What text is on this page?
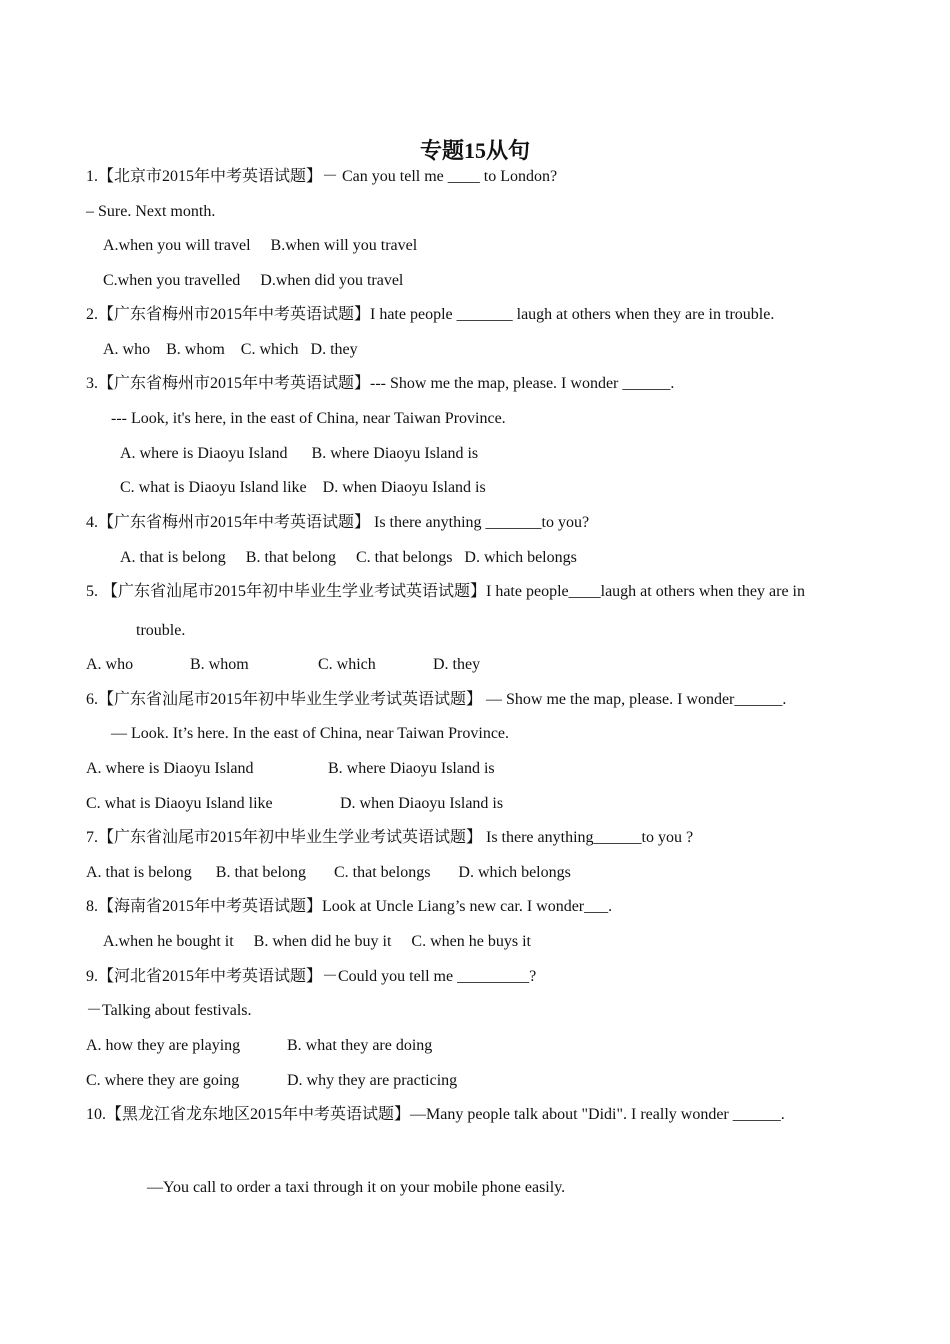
专题15从句
1.【北京市2015年中考英语试题】－ Can you tell me ____ to London?
– Sure. Next month.
A.when you will travel     B.when will you travel
C.when you travelled     D.when did you travel
2.【广东省梅州市2015年中考英语试题】I hate people _______ laugh at others when they are in trouble.
A. who    B. whom    C. which   D. they
3.【广东省梅州市2015年中考英语试题】--- Show me the map, please. I wonder ______.
--- Look, it's here, in the east of China, near Taiwan Province.
A. where is Diaoyu Island      B. where Diaoyu Island is
C. what is Diaoyu Island like    D. when Diaoyu Island is
4.【广东省梅州市2015年中考英语试题】 Is there anything _______to you?
A. that is belong     B. that belong     C. that belongs   D. which belongs
5. 【广东省汕尾市2015年初中毕业生学业考试英语试题】I hate people____laugh at others when they are in
trouble.
A. who	B. whom	C. which	D. they
6.【广东省汕尾市2015年初中毕业生学业考试英语试题】 — Show me the map, please. I wonder______.
— Look. It’s here. In the east of China, near Taiwan Province.
A. where is Diaoyu Island	B. where Diaoyu Island is
C. what is Diaoyu Island like	D. when Diaoyu Island is
7.【广东省汕尾市2015年初中毕业生学业考试英语试题】 Is there anything______to you ?
A. that is belong      B. that belong       C. that belongs       D. which belongs
8.【海南省2015年中考英语试题】Look at Uncle Liang’s new car. I wonder___.
A.when he bought it     B. when did he buy it     C. when he buys it
9.【河北省2015年中考英语试题】－Could you tell me _________?
－Talking about festivals.
A. how they are playing	B. what they are doing
C. where they are going	D. why they are practicing
10.【黑龙江省龙东地区2015年中考英语试题】—Many people talk about "Didi". I really wonder ______.
—You call to order a taxi through it on your mobile phone easily.
